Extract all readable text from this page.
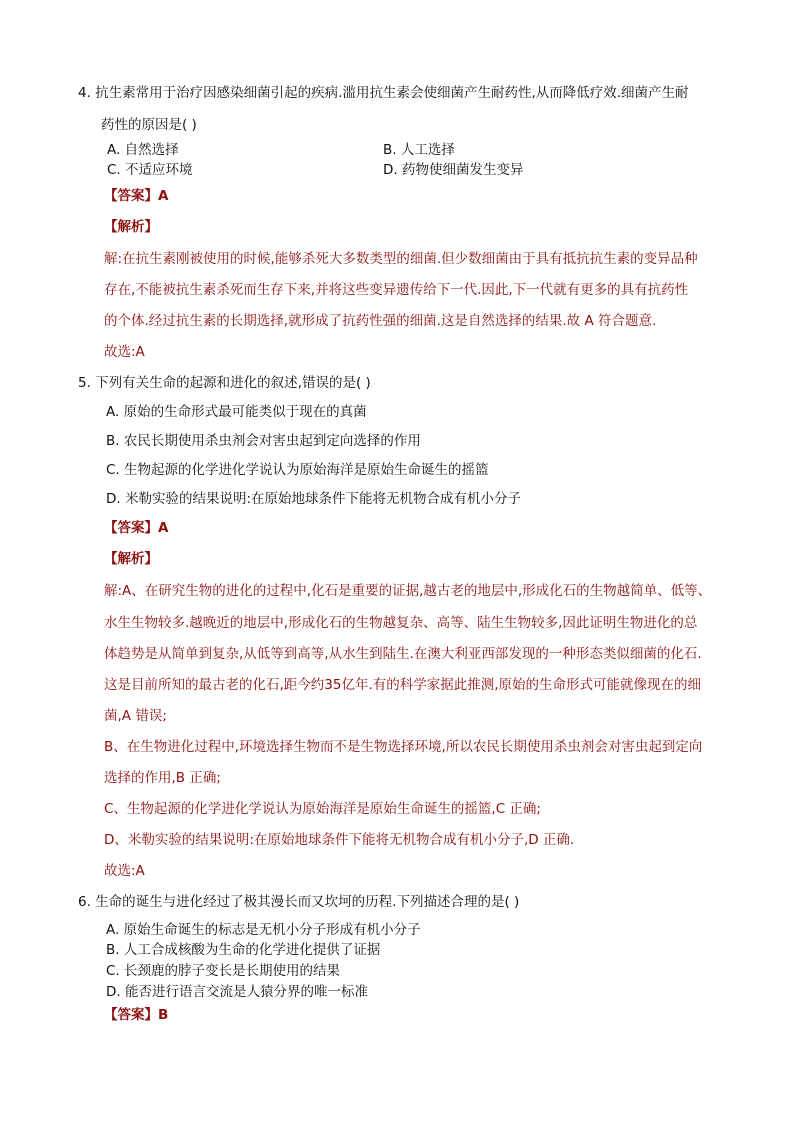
4. 抗生素常用于治疗因感染细菌引起的疾病.滥用抗生素会使细菌产生耐药性,从而降低疗效.细菌产生耐
药性的原因是( )
A. 自然选择	B. 人工选择
C. 不适应环境	D. 药物使细菌发生变异
【答案】A
【解析】
解:在抗生素刚被使用的时候,能够杀死大多数类型的细菌.但少数细菌由于具有抵抗抗生素的变异品种
存在,不能被抗生素杀死而生存下来,并将这些变异遗传给下一代.因此,下一代就有更多的具有抗药性
的个体.经过抗生素的长期选择,就形成了抗药性强的细菌.这是自然选择的结果.故 A 符合题意.
故选:A
5. 下列有关生命的起源和进化的叙述,错误的是( )
A. 原始的生命形式最可能类似于现在的真菌
B. 农民长期使用杀虫剂会对害虫起到定向选择的作用
C. 生物起源的化学进化学说认为原始海洋是原始生命诞生的摇篮
D. 米勒实验的结果说明:在原始地球条件下能将无机物合成有机小分子
【答案】A
【解析】
解:A、在研究生物的进化的过程中,化石是重要的证据,越古老的地层中,形成化石的生物越简单、低等、
水生生物较多.越晚近的地层中,形成化石的生物越复杂、高等、陆生生物较多,因此证明生物进化的总
体趋势是从简单到复杂,从低等到高等,从水生到陆生.在澳大利亚西部发现的一种形态类似细菌的化石.
这是目前所知的最古老的化石,距今约35亿年.有的科学家据此推测,原始的生命形式可能就像现在的细
菌,A 错误;
B、在生物进化过程中,环境选择生物而不是生物选择环境,所以农民长期使用杀虫剂会对害虫起到定向
选择的作用,B 正确;
C、生物起源的化学进化学说认为原始海洋是原始生命诞生的摇篮,C 正确;
D、米勒实验的结果说明:在原始地球条件下能将无机物合成有机小分子,D 正确.
故选:A
6. 生命的诞生与进化经过了极其漫长而又坎坷的历程.下列描述合理的是( )
A. 原始生命诞生的标志是无机小分子形成有机小分子
B. 人工合成核酸为生命的化学进化提供了证据
C. 长颈鹿的脖子变长是长期使用的结果
D. 能否进行语言交流是人猿分界的唯一标准
【答案】B
